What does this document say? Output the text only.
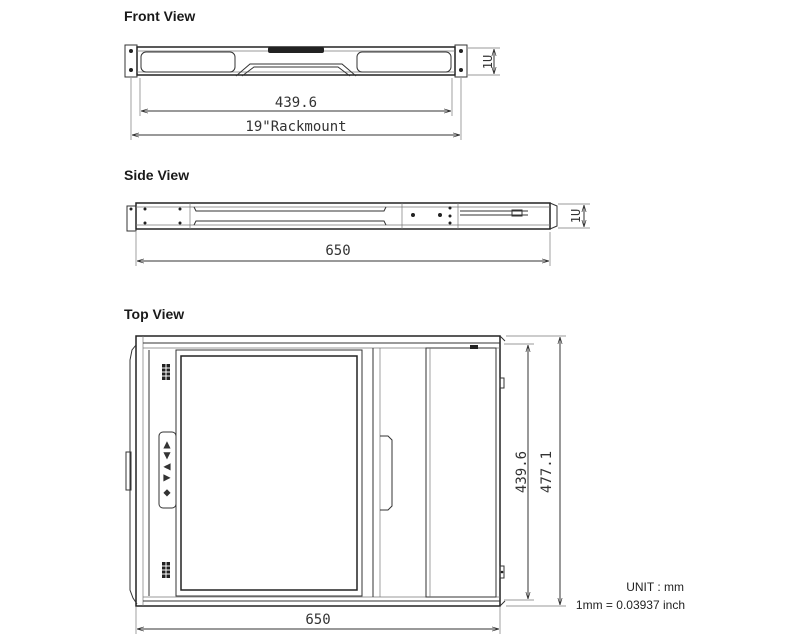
Front View
1U
439.6
19"Rackmount
Side View
1U
650
Top View
▲
▼
◀
▶
◆	439.6 477.1
650
UNIT : mm
1mm = 0.03937 inch
